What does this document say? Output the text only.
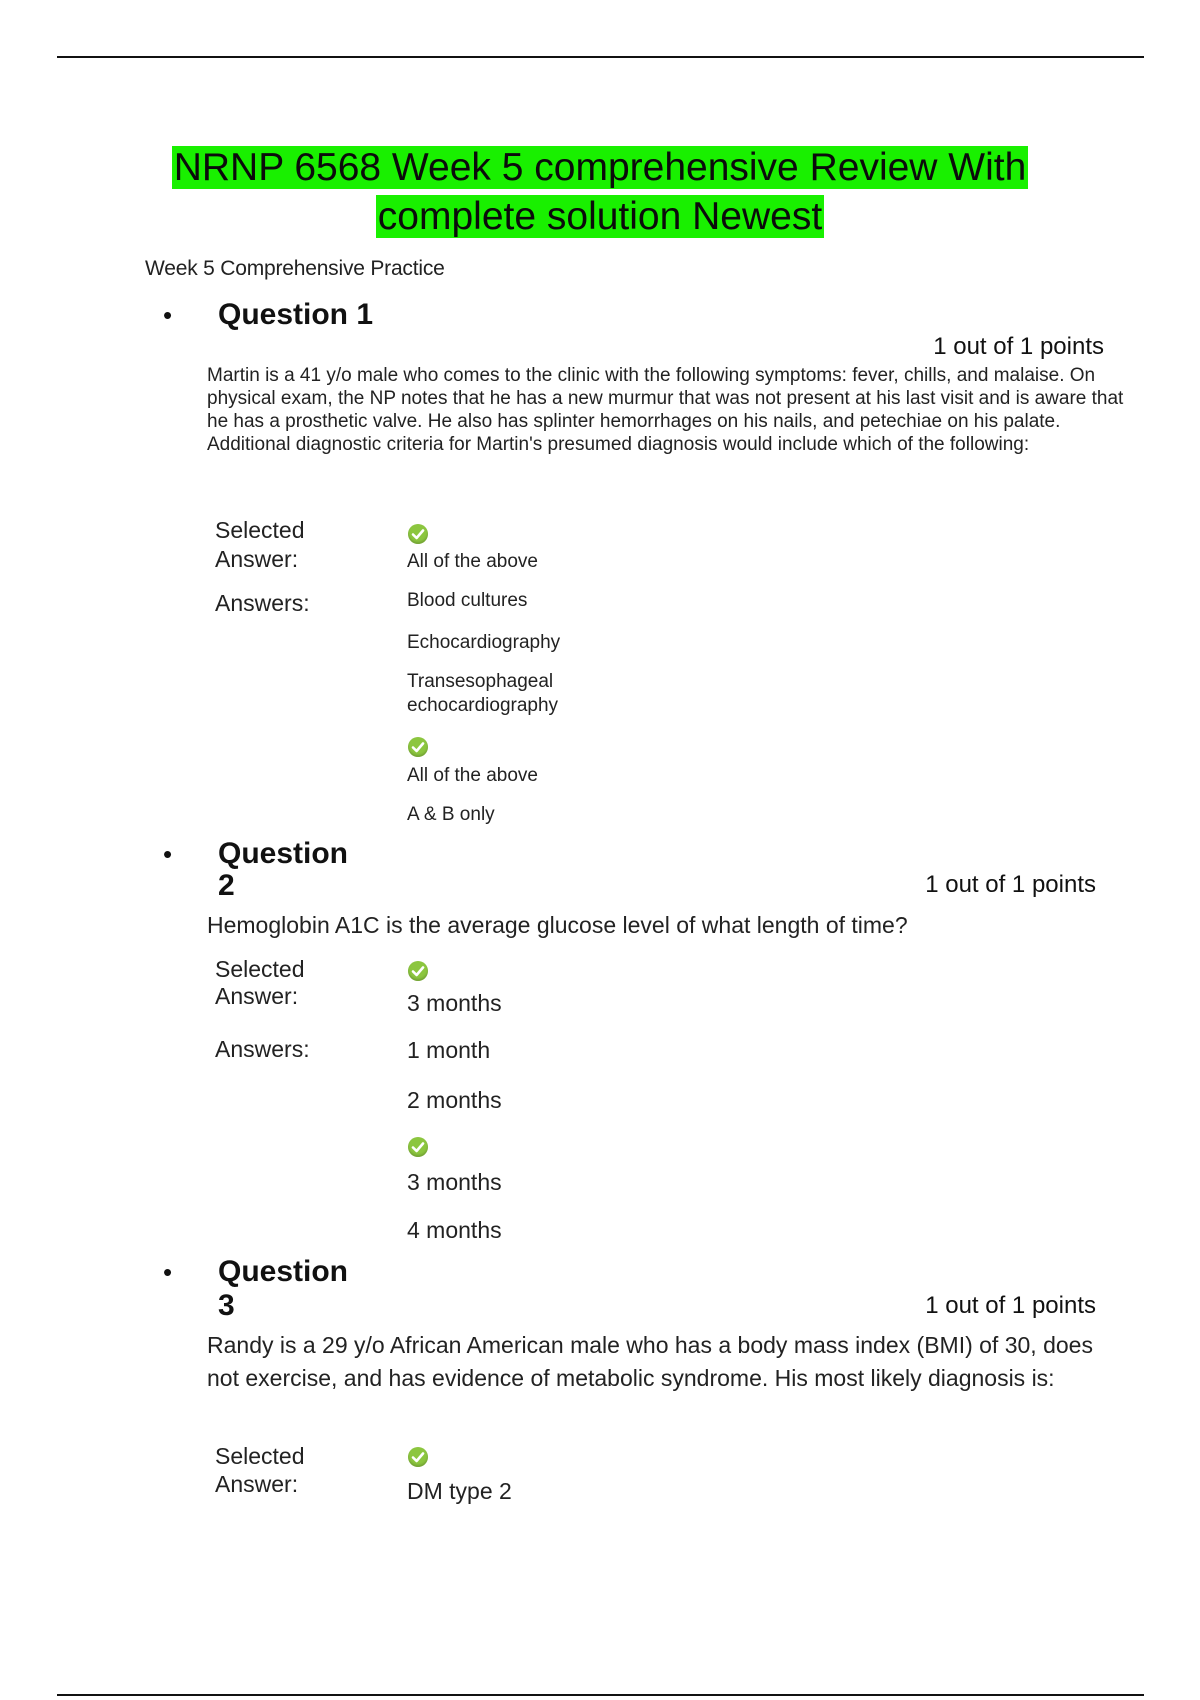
NRNP 6568 Week 5 comprehensive Review With
complete solution Newest
Week 5 Comprehensive Practice
• Question 1
1 out of 1 points
Martin is a 41 y/o male who comes to the clinic with the following symptoms: fever, chills, and malaise. On physical exam, the NP notes that he has a new murmur that was not present at his last visit and is aware that he has a prosthetic valve. He also has splinter hemorrhages on his nails, and petechiae on his palate. Additional diagnostic criteria for Martin's presumed diagnosis would include which of the following:
Selected
Answer:	All of the above
Answers:	Blood cultures
Echocardiography
Transesophageal
echocardiography
All of the above
A & B only
• Question
2	1 out of 1 points
Hemoglobin A1C is the average glucose level of what length of time?
Selected
Answer:	3 months
Answers:	1 month
2 months
3 months
4 months
• Question
3	1 out of 1 points
Randy is a 29 y/o African American male who has a body mass index (BMI) of 30, does not exercise, and has evidence of metabolic syndrome. His most likely diagnosis is:
Selected
Answer:	DM type 2
